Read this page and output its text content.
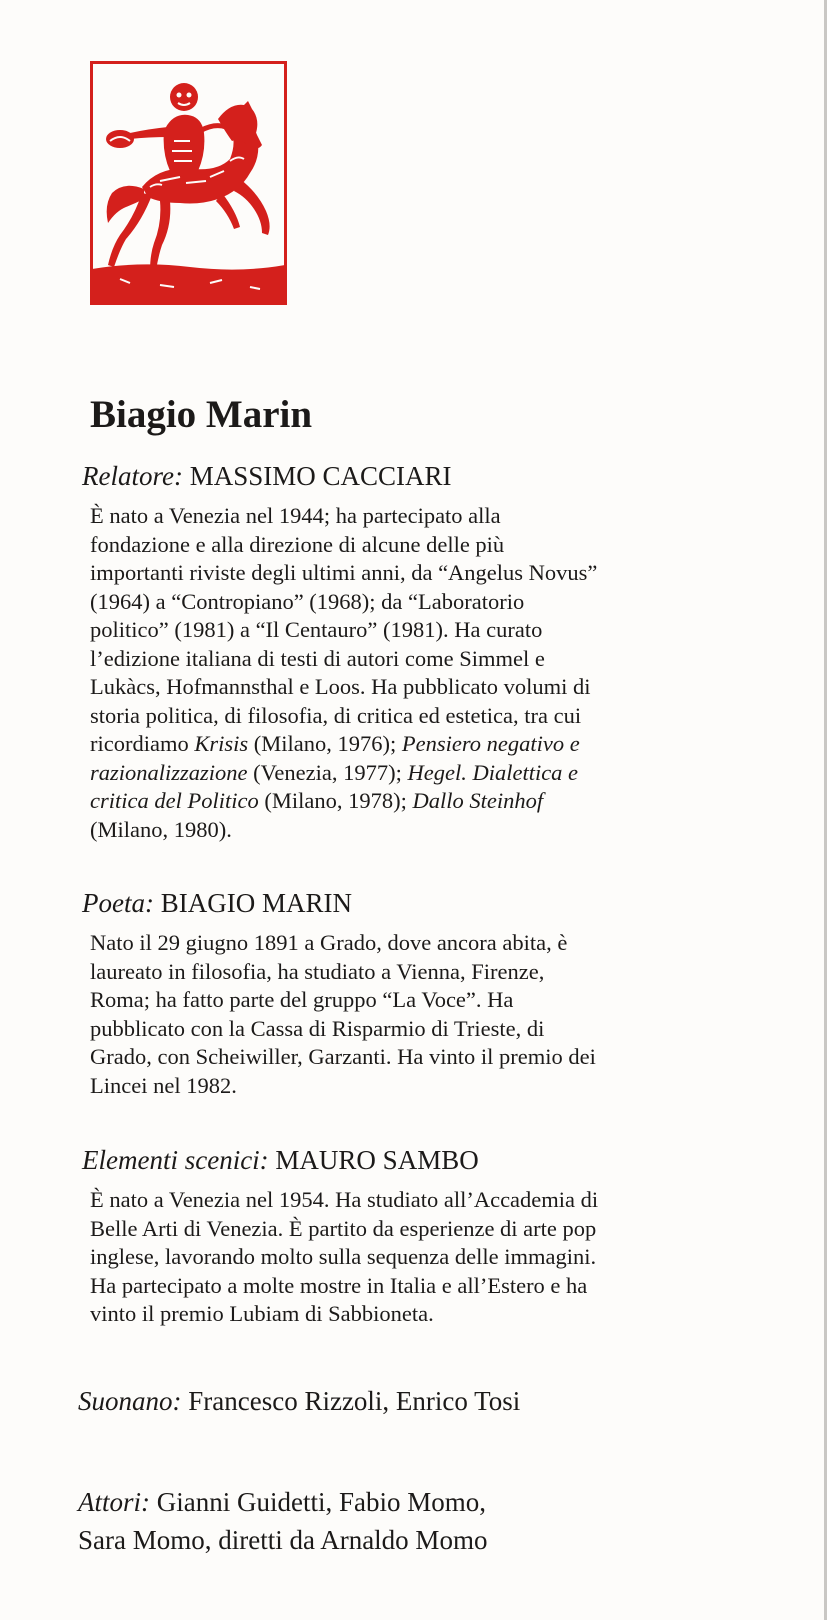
Biagio Marin

Relatore: MASSIMO CACCIARI

È nato a Venezia nel 1944; ha partecipato alla
fondazione e alla direzione di alcune delle più
importanti riviste degli ultimi anni, da “Angelus Novus”
(1964) a “Contropiano” (1968); da “Laboratorio
politico” (1981) a “Il Centauro” (1981). Ha curato
l’edizione italiana di testi di autori come Simmel e
Lukàcs, Hofmannsthal e Loos. Ha pubblicato volumi di
storia politica, di filosofia, di critica ed estetica, tra cui
ricordiamo Krisis (Milano, 1976); Pensiero negativo e
razionalizzazione (Venezia, 1977); Hegel. Dialettica e
critica del Politico (Milano, 1978); Dallo Steinhof
(Milano, 1980).

Poeta: BIAGIO MARIN

Nato il 29 giugno 1891 a Grado, dove ancora abita, è
laureato in filosofia, ha studiato a Vienna, Firenze,
Roma; ha fatto parte del gruppo “La Voce”. Ha
pubblicato con la Cassa di Risparmio di Trieste, di
Grado, con Scheiwiller, Garzanti. Ha vinto il premio dei
Lincei nel 1982.

Elementi scenici: MAURO SAMBO

È nato a Venezia nel 1954. Ha studiato all’Accademia di
Belle Arti di Venezia. È partito da esperienze di arte pop
inglese, lavorando molto sulla sequenza delle immagini.
Ha partecipato a molte mostre in Italia e all’Estero e ha
vinto il premio Lubiam di Sabbioneta.

Suonano: Francesco Rizzoli, Enrico Tosi
Attori: Gianni Guidetti, Fabio Momo,
Sara Momo, diretti da Arnaldo Momo
